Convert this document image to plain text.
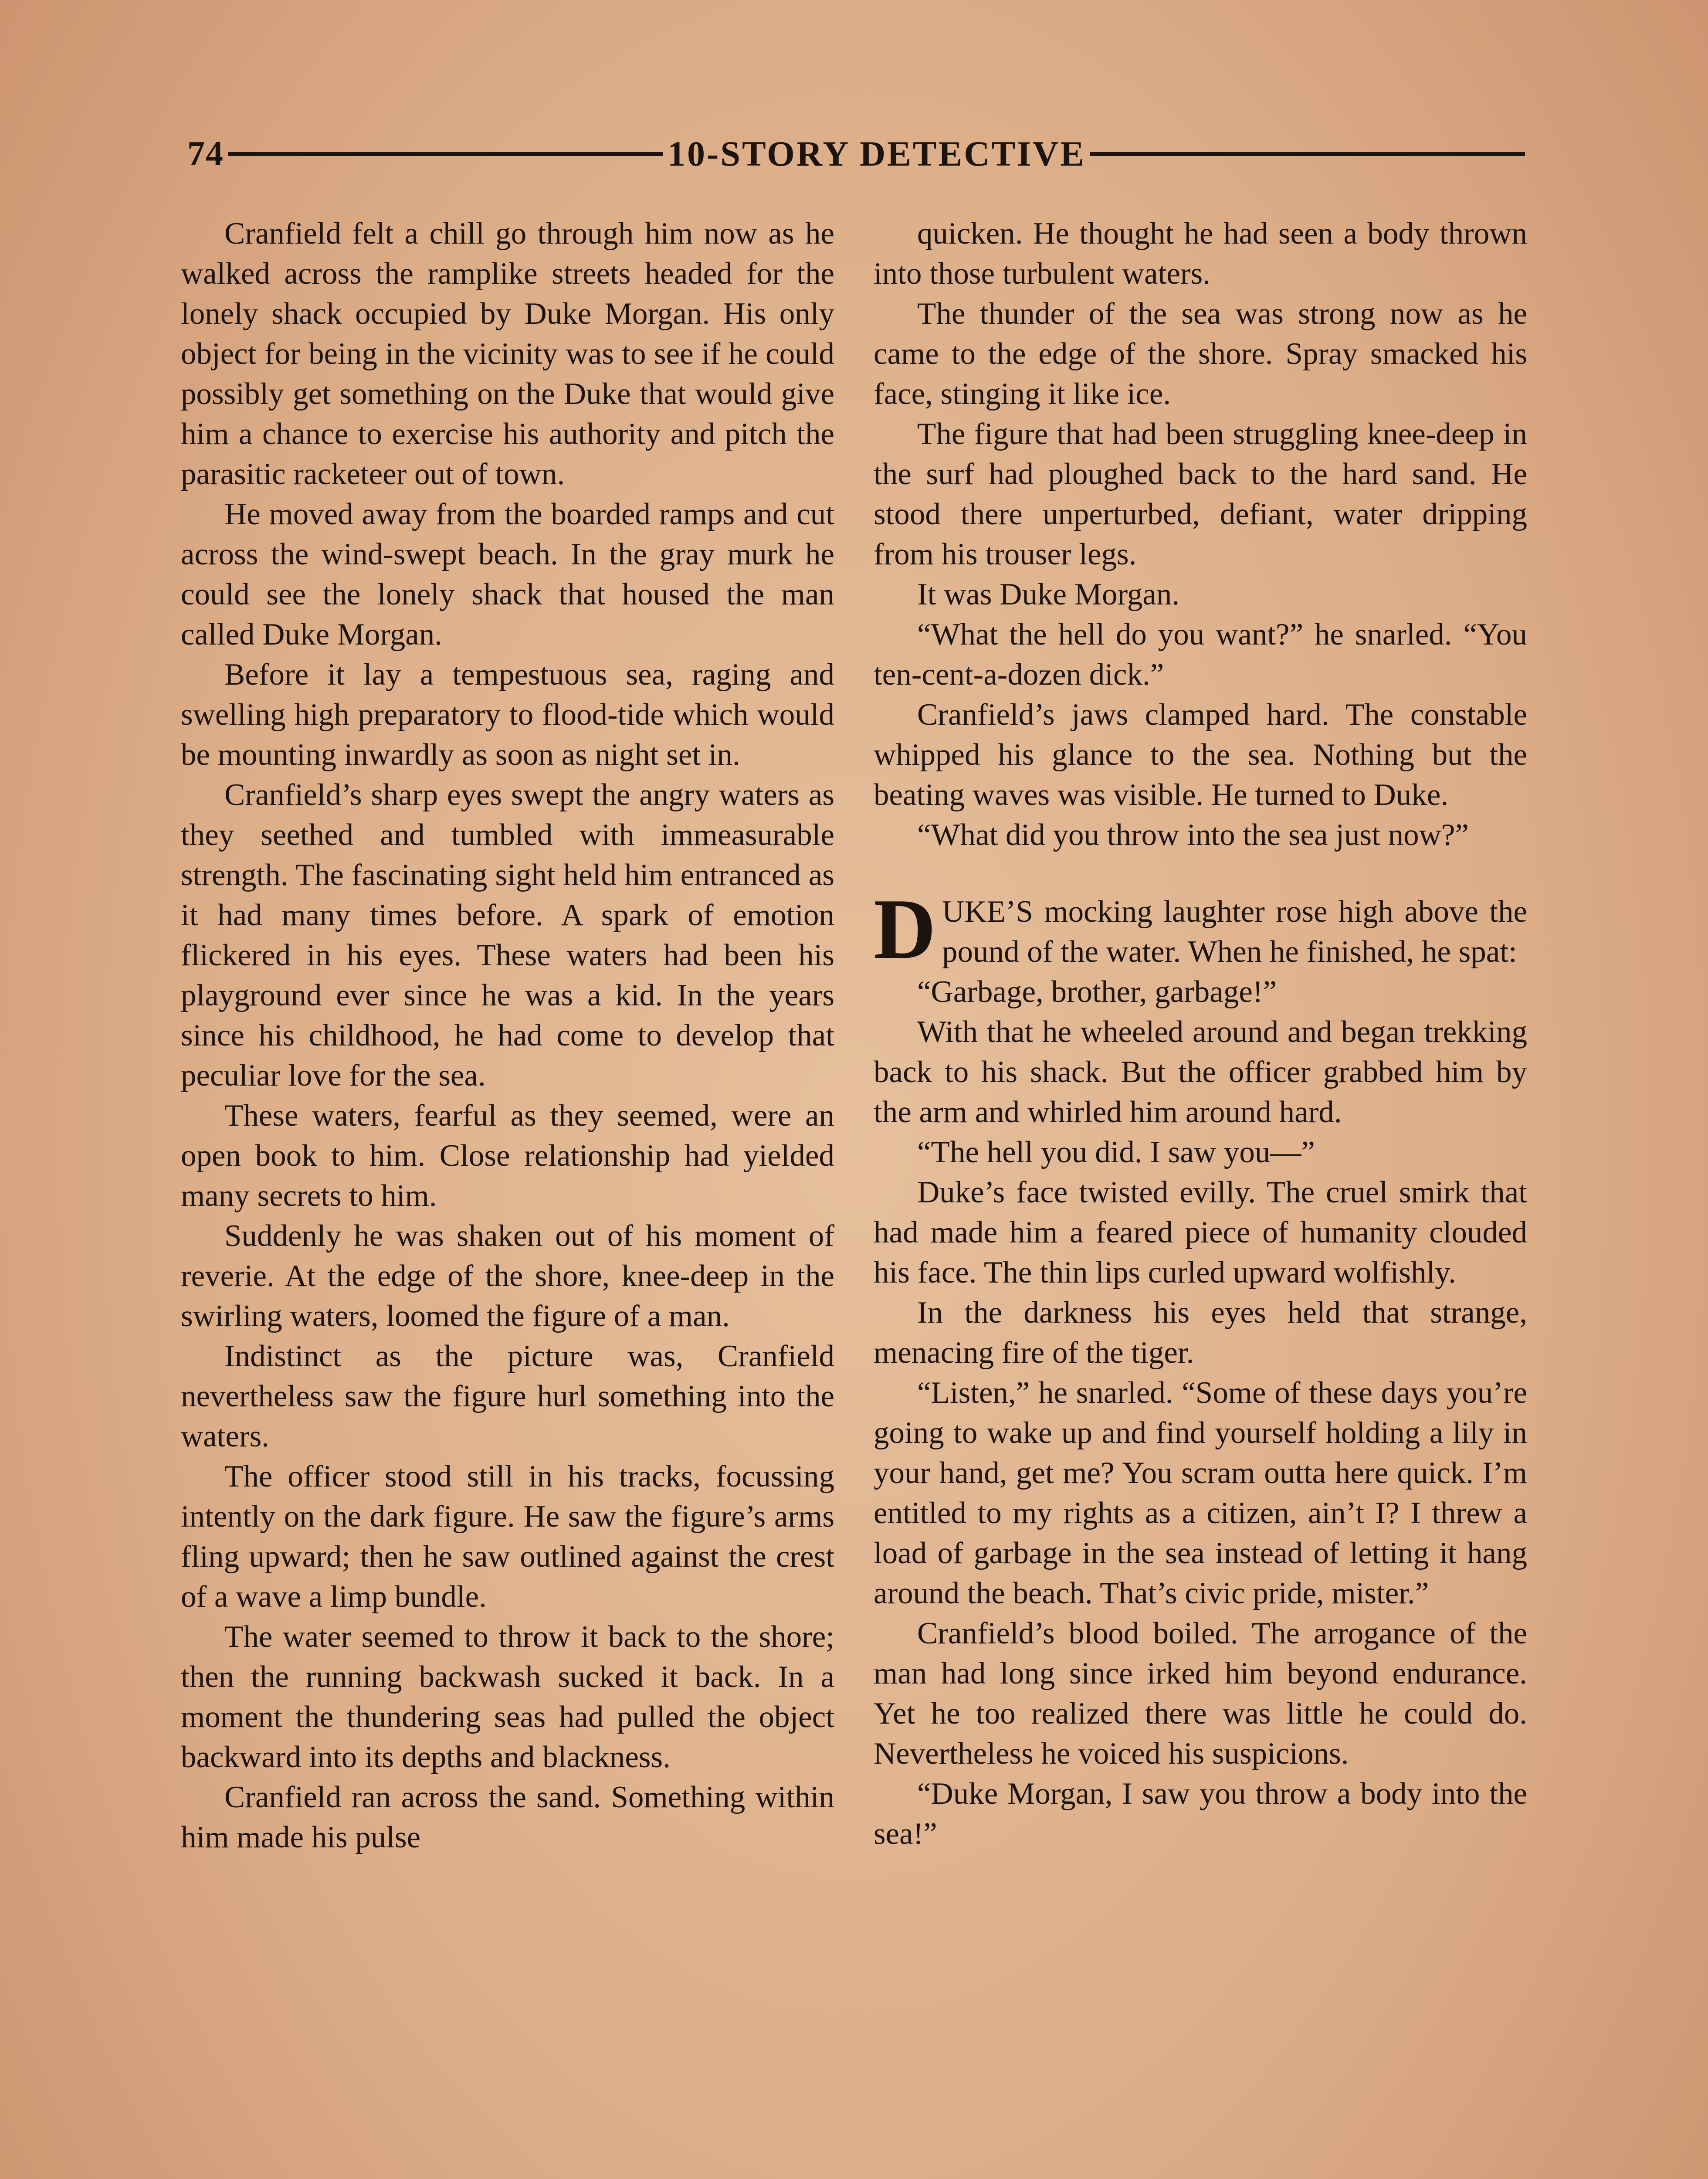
74	10-STORY DETECTIVE

Cranfield felt a chill go through him now as he walked across the ramplike streets headed for the lonely shack occupied by Duke Morgan. His only object for being in the vicinity was to see if he could possibly get something on the Duke that would give him a chance to exercise his authority and pitch the parasitic racketeer out of town.

He moved away from the boarded ramps and cut across the wind-swept beach. In the gray murk he could see the lonely shack that housed the man called Duke Morgan.

Before it lay a tempestuous sea, raging and swelling high preparatory to flood-tide which would be mounting inwardly as soon as night set in.

Cranfield’s sharp eyes swept the angry waters as they seethed and tumbled with immeasurable strength. The fascinating sight held him entranced as it had many times before. A spark of emotion flickered in his eyes. These waters had been his playground ever since he was a kid. In the years since his childhood, he had come to develop that peculiar love for the sea.

These waters, fearful as they seemed, were an open book to him. Close relationship had yielded many secrets to him.

Suddenly he was shaken out of his moment of reverie. At the edge of the shore, knee-deep in the swirling waters, loomed the figure of a man.

Indistinct as the picture was, Cranfield nevertheless saw the figure hurl something into the waters.

The officer stood still in his tracks, focussing intently on the dark figure. He saw the figure’s arms fling upward; then he saw outlined against the crest of a wave a limp bundle.

The water seemed to throw it back to the shore; then the running backwash sucked it back. In a moment the thundering seas had pulled the object backward into its depths and blackness.

Cranfield ran across the sand. Something within him made his pulse

quicken. He thought he had seen a body thrown into those turbulent waters.

The thunder of the sea was strong now as he came to the edge of the shore. Spray smacked his face, stinging it like ice.

The figure that had been struggling knee-deep in the surf had ploughed back to the hard sand. He stood there unperturbed, defiant, water dripping from his trouser legs.

It was Duke Morgan.

“What the hell do you want?” he snarled. “You ten-cent-a-dozen dick.”

Cranfield’s jaws clamped hard. The constable whipped his glance to the sea. Nothing but the beating waves was visible. He turned to Duke.

“What did you throw into the sea just now?”

DUKE’S mocking laughter rose high above the pound of the water. When he finished, he spat:

“Garbage, brother, garbage!”

With that he wheeled around and began trekking back to his shack. But the officer grabbed him by the arm and whirled him around hard.

“The hell you did. I saw you—”

Duke’s face twisted evilly. The cruel smirk that had made him a feared piece of humanity clouded his face. The thin lips curled upward wolfishly.

In the darkness his eyes held that strange, menacing fire of the tiger.

“Listen,” he snarled. “Some of these days you’re going to wake up and find yourself holding a lily in your hand, get me? You scram outta here quick. I’m entitled to my rights as a citizen, ain’t I? I threw a load of garbage in the sea instead of letting it hang around the beach. That’s civic pride, mister.”

Cranfield’s blood boiled. The arrogance of the man had long since irked him beyond endurance. Yet he too realized there was little he could do. Nevertheless he voiced his suspicions.

“Duke Morgan, I saw you throw a body into the sea!”
